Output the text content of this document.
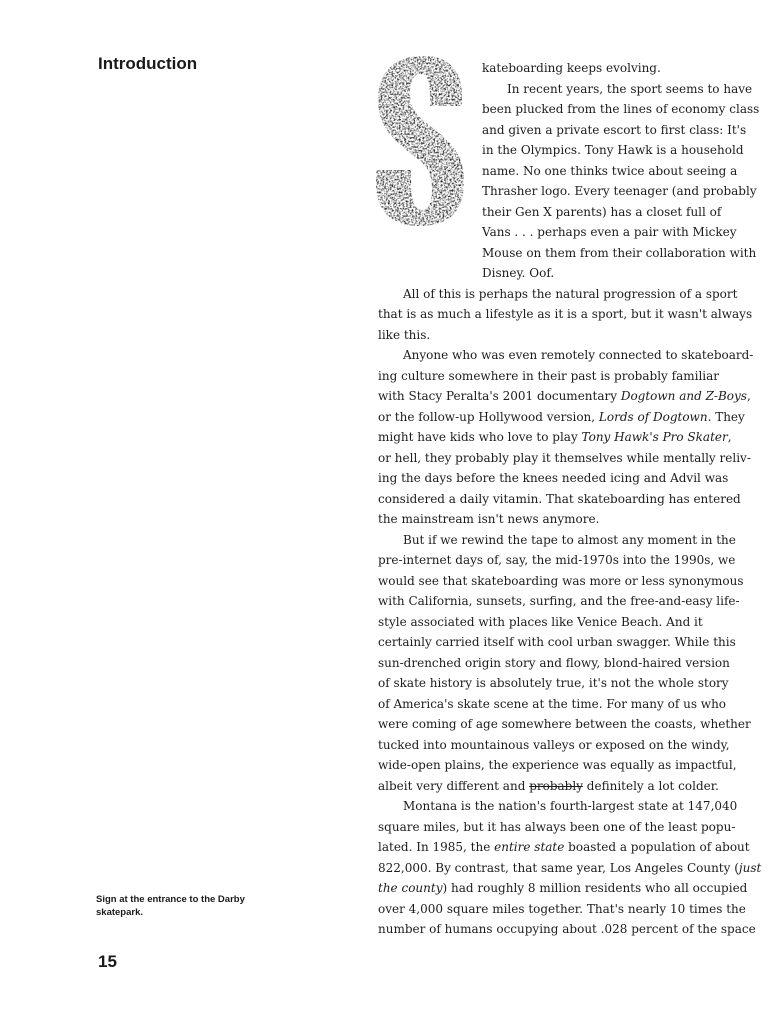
Introduction	kateboarding keeps evolving.
In recent years, the sport seems to have
been plucked from the lines of economy class
and given a private escort to first class: It's
in the Olympics. Tony Hawk is a household
name. No one thinks twice about seeing a
Thrasher logo. Every teenager (and probably
their Gen X parents) has a closet full of
Vans . . . perhaps even a pair with Mickey
Mouse on them from their collaboration with
Disney. Oof.
All of this is perhaps the natural progression of a sport
that is as much a lifestyle as it is a sport, but it wasn't always
like this.
Anyone who was even remotely connected to skateboard-
ing culture somewhere in their past is probably familiar
with Stacy Peralta's 2001 documentary Dogtown and Z-Boys,
or the follow-up Hollywood version, Lords of Dogtown. They
might have kids who love to play Tony Hawk's Pro Skater,
or hell, they probably play it themselves while mentally reliv-
ing the days before the knees needed icing and Advil was
considered a daily vitamin. That skateboarding has entered
the mainstream isn't news anymore.
But if we rewind the tape to almost any moment in the
pre-internet days of, say, the mid-1970s into the 1990s, we
would see that skateboarding was more or less synonymous
with California, sunsets, surfing, and the free-and-easy life-
style associated with places like Venice Beach. And it
certainly carried itself with cool urban swagger. While this
sun-drenched origin story and flowy, blond-haired version
of skate history is absolutely true, it's not the whole story
of America's skate scene at the time. For many of us who
were coming of age somewhere between the coasts, whether
tucked into mountainous valleys or exposed on the windy,
wide-open plains, the experience was equally as impactful,
albeit very different and probably definitely a lot colder.
Montana is the nation's fourth-largest state at 147,040
square miles, but it has always been one of the least popu-
lated. In 1985, the entire state boasted a population of about
822,000. By contrast, that same year, Los Angeles County (just
the county) had roughly 8 million residents who all occupied
over 4,000 square miles together. That's nearly 10 times the
number of humans occupying about .028 percent of the space
Sign at the entrance to the Darby skatepark.
15
